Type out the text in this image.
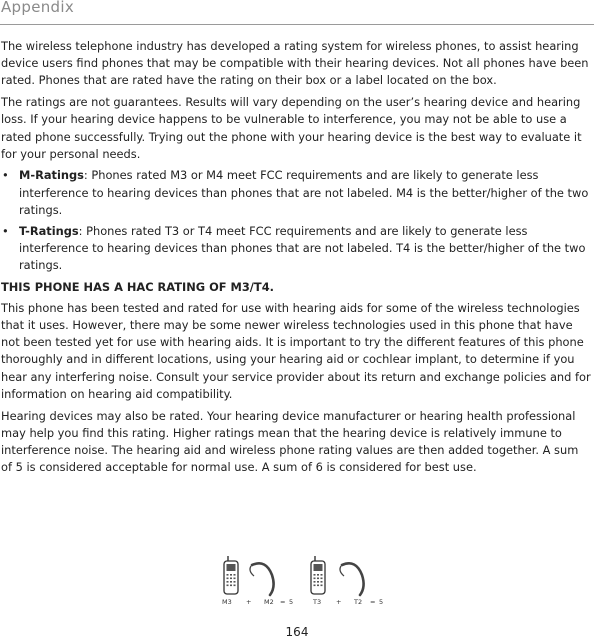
Appendix

The wireless telephone industry has developed a rating system for wireless phones, to assist hearing device users find phones that may be compatible with their hearing devices. Not all phones have been rated. Phones that are rated have the rating on their box or a label located on the box.

The ratings are not guarantees. Results will vary depending on the user’s hearing device and hearing loss. If your hearing device happens to be vulnerable to interference, you may not be able to use a rated phone successfully. Trying out the phone with your hearing device is the best way to evaluate it for your personal needs.

• M-Ratings: Phones rated M3 or M4 meet FCC requirements and are likely to generate less interference to hearing devices than phones that are not labeled. M4 is the better/higher of the two ratings.
• T-Ratings: Phones rated T3 or T4 meet FCC requirements and are likely to generate less interference to hearing devices than phones that are not labeled. T4 is the better/higher of the two ratings.

THIS PHONE HAS A HAC RATING OF M3/T4.

This phone has been tested and rated for use with hearing aids for some of the wireless technologies that it uses. However, there may be some newer wireless technologies used in this phone that have not been tested yet for use with hearing aids. It is important to try the different features of this phone thoroughly and in different locations, using your hearing aid or cochlear implant, to determine if you hear any interfering noise. Consult your service provider about its return and exchange policies and for information on hearing aid compatibility.

Hearing devices may also be rated. Your hearing device manufacturer or hearing health professional may help you find this rating. Higher ratings mean that the hearing device is relatively immune to interference noise. The hearing aid and wireless phone rating values are then added together. A sum of 5 is considered acceptable for normal use. A sum of 6 is considered for best use.

M3 + M2 = 5	T3 + T2 = 5
164
